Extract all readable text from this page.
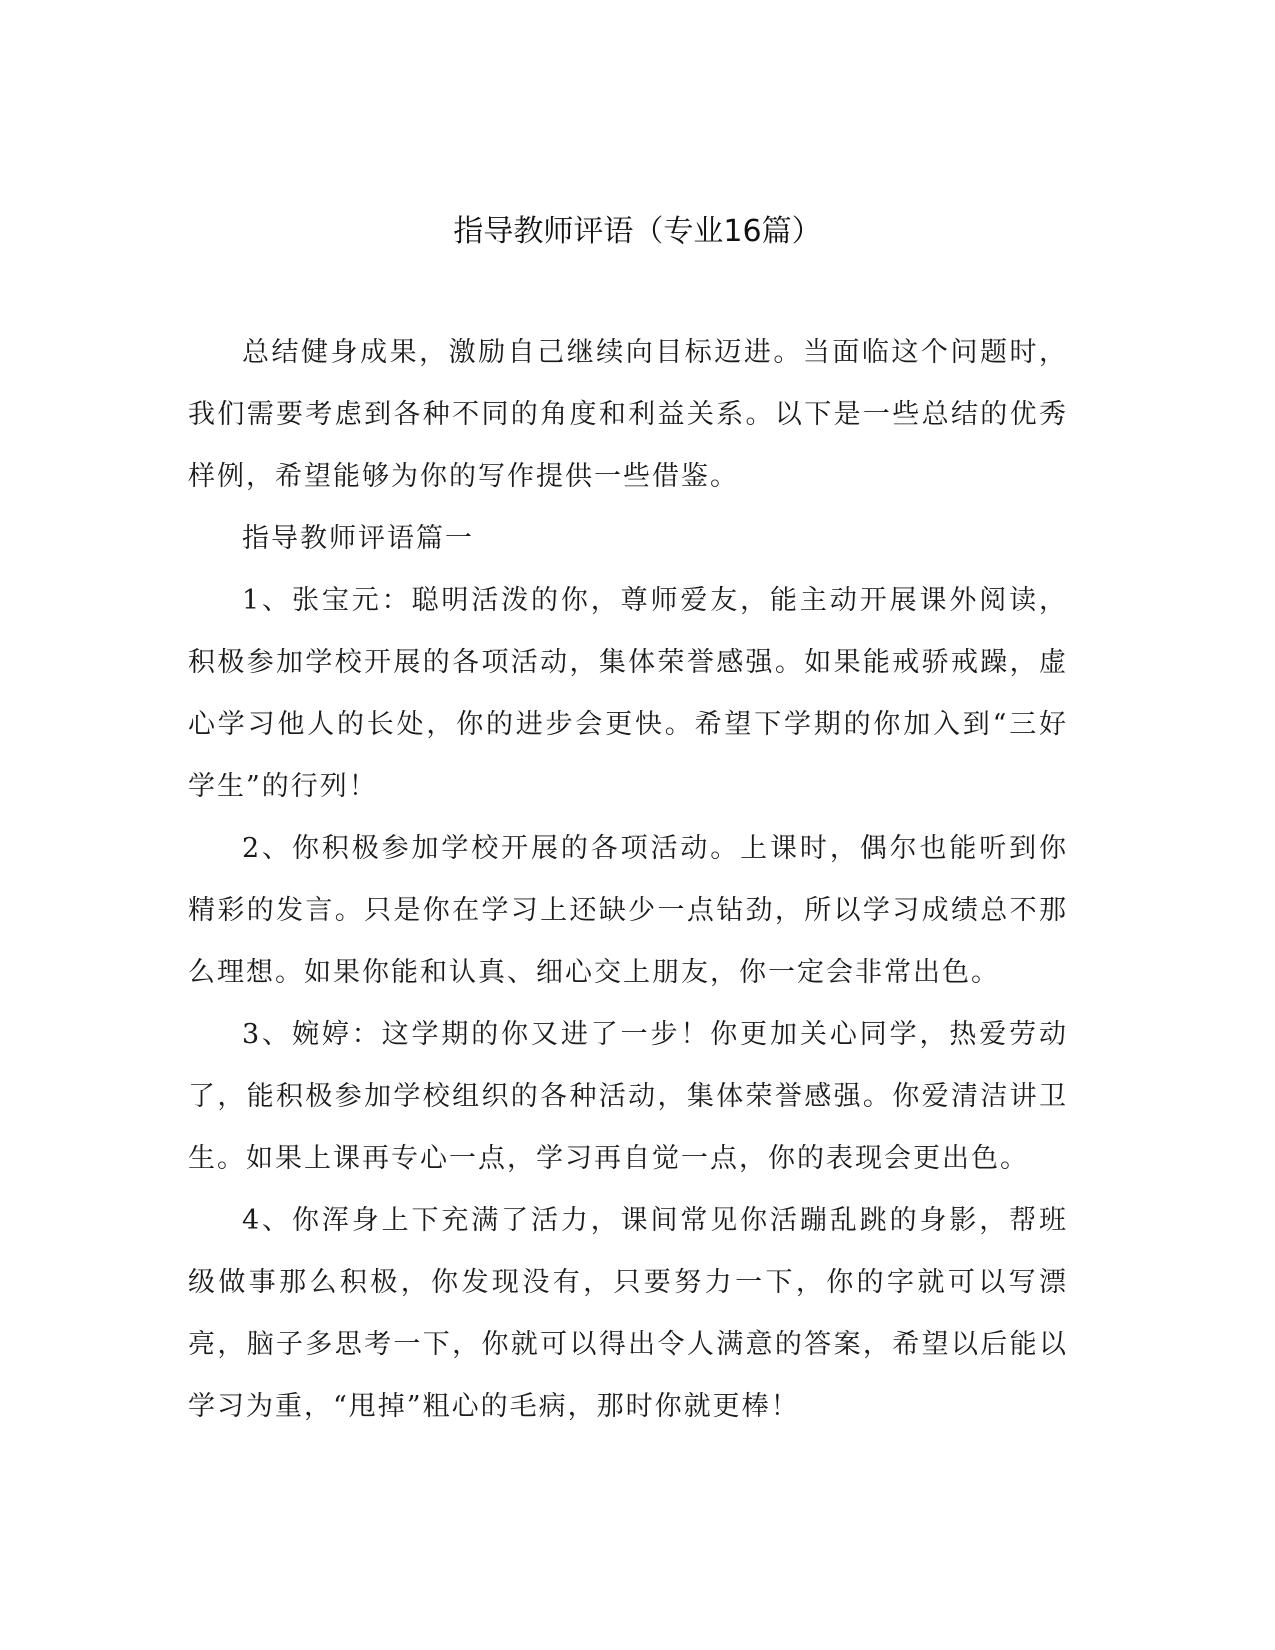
指导教师评语（专业16篇）

总结健身成果，激励自己继续向目标迈进。当面临这个问题时，我们需要考虑到各种不同的角度和利益关系。以下是一些总结的优秀样例，希望能够为你的写作提供一些借鉴。

指导教师评语篇一

1、张宝元：聪明活泼的你，尊师爱友，能主动开展课外阅读，积极参加学校开展的各项活动，集体荣誉感强。如果能戒骄戒躁，虚心学习他人的长处，你的进步会更快。希望下学期的你加入到“三好学生”的行列！

2、你积极参加学校开展的各项活动。上课时，偶尔也能听到你精彩的发言。只是你在学习上还缺少一点钻劲，所以学习成绩总不那么理想。如果你能和认真、细心交上朋友，你一定会非常出色。

3、婉婷：这学期的你又进了一步！你更加关心同学，热爱劳动了，能积极参加学校组织的各种活动，集体荣誉感强。你爱清洁讲卫生。如果上课再专心一点，学习再自觉一点，你的表现会更出色。

4、你浑身上下充满了活力，课间常见你活蹦乱跳的身影，帮班级做事那么积极，你发现没有，只要努力一下，你的字就可以写漂亮，脑子多思考一下，你就可以得出令人满意的答案，希望以后能以学习为重，“甩掉”粗心的毛病，那时你就更棒！
